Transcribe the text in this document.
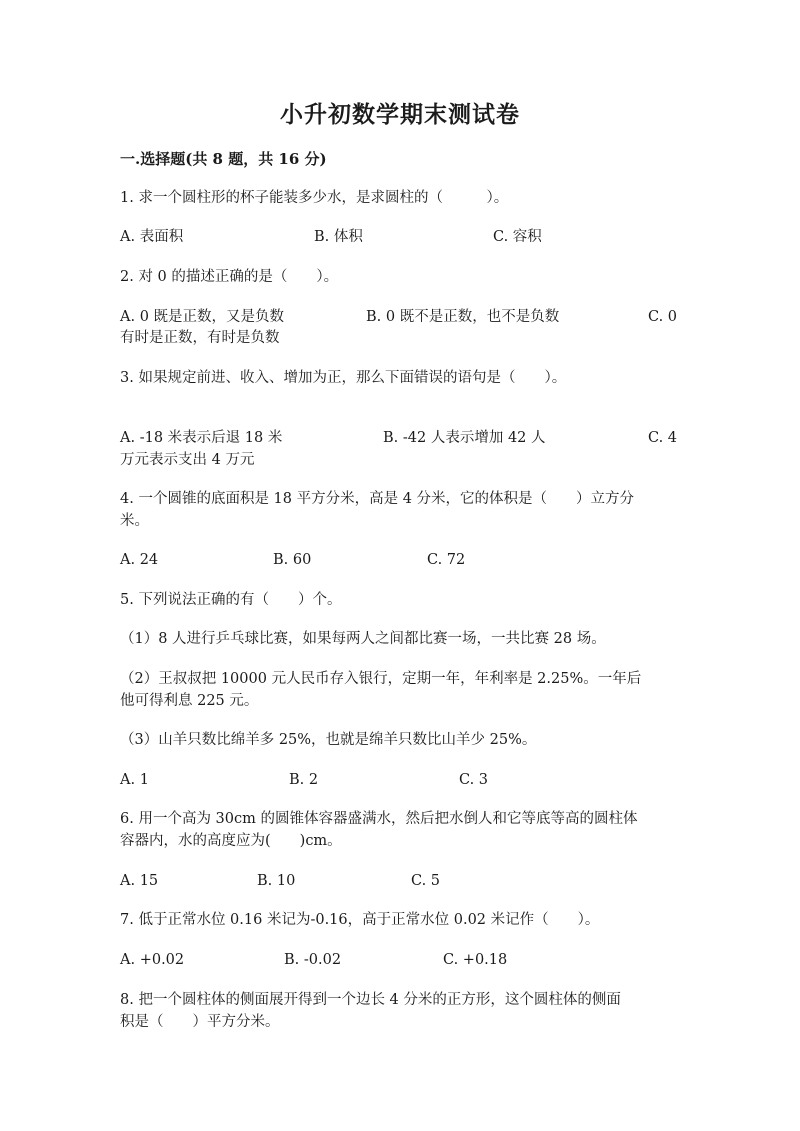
小升初数学期末测试卷
一.选择题(共 8 题，共 16 分)
1. 求一个圆柱形的杯子能装多少水，是求圆柱的（　　　）。
A. 表面积	B. 体积	C. 容积
2. 对 0 的描述正确的是（　　）。
A. 0 既是正数，又是负数	B. 0 既不是正数，也不是负数	C. 0
有时是正数，有时是负数
3. 如果规定前进、收入、增加为正，那么下面错误的语句是（　　）。
A. -18 米表示后退 18 米	B. -42 人表示增加 42 人	C. 4
万元表示支出 4 万元
4. 一个圆锥的底面积是 18 平方分米，高是 4 分米，它的体积是（　　）立方分
米。
A. 24	B. 60	C. 72
5. 下列说法正确的有（　　）个。
（1）8 人进行乒乓球比赛，如果每两人之间都比赛一场，一共比赛 28 场。
（2）王叔叔把 10000 元人民币存入银行，定期一年，年利率是 2.25%。一年后
他可得利息 225 元。
（3）山羊只数比绵羊多 25%，也就是绵羊只数比山羊少 25%。
A. 1	B. 2	C. 3
6. 用一个高为 30cm 的圆锥体容器盛满水，然后把水倒人和它等底等高的圆柱体
容器内，水的高度应为(　　)cm。
A. 15	B. 10	C. 5
7. 低于正常水位 0.16 米记为-0.16，高于正常水位 0.02 米记作（　　）。
A. +0.02	B. -0.02	C. +0.18
8. 把一个圆柱体的侧面展开得到一个边长 4 分米的正方形，这个圆柱体的侧面
积是（　　）平方分米。
